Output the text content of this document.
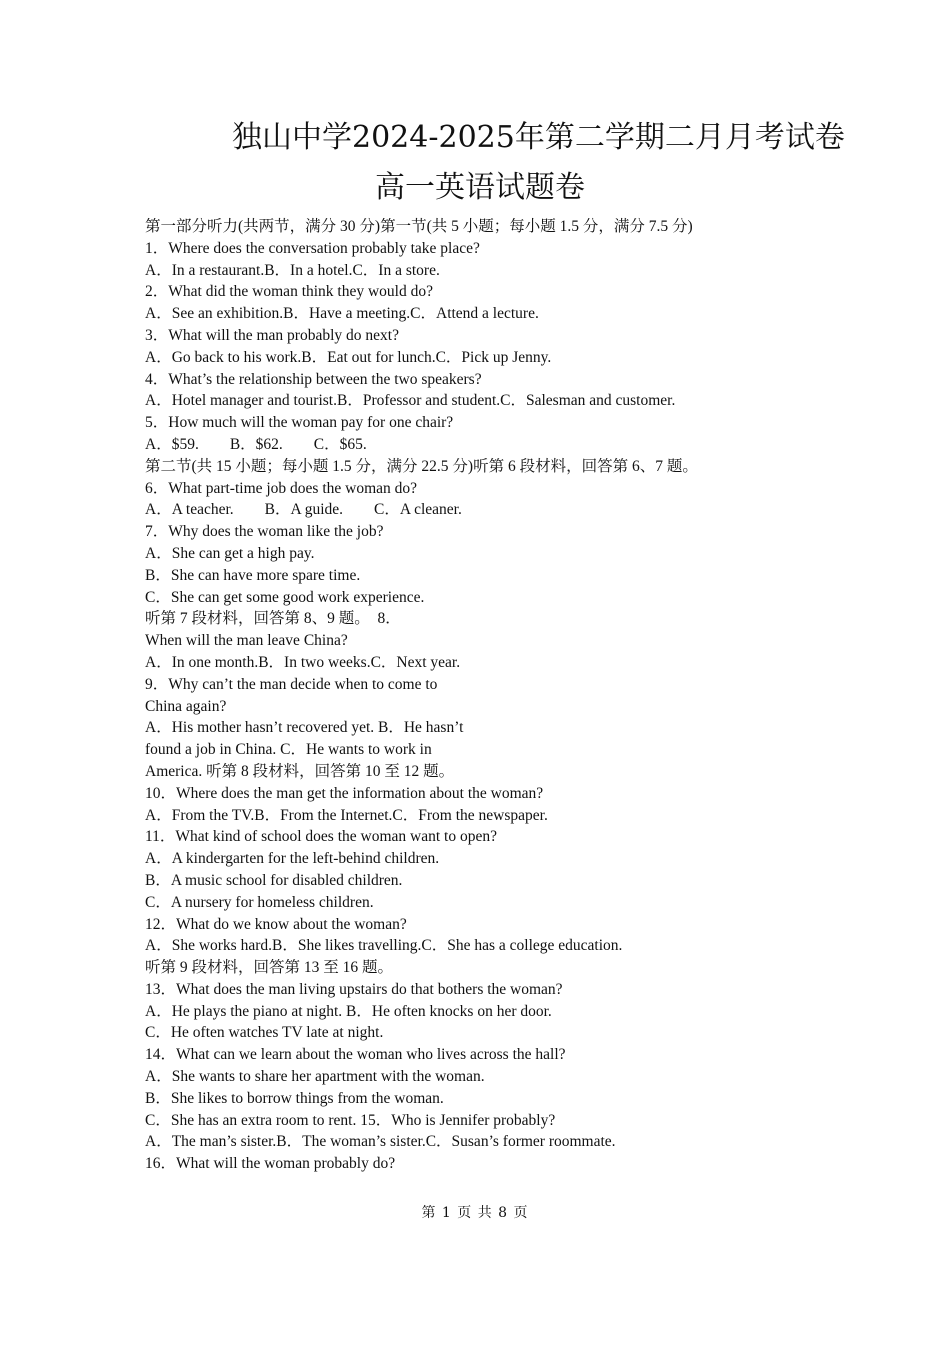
独山中学2024-2025年第二学期二月月考试卷
高一英语试题卷
第一部分听力(共两节，满分 30 分)第一节(共 5 小题；每小题 1.5 分，满分 7.5 分)
1．Where does the conversation probably take place?
A．In a restaurant.B．In a hotel.C．In a store.
2．What did the woman think they would do?
A．See an exhibition.B．Have a meeting.C．Attend a lecture.
3．What will the man probably do next?
A．Go back to his work.B．Eat out for lunch.C．Pick up Jenny.
4．What’s the relationship between the two speakers?
A．Hotel manager and tourist.B．Professor and student.C．Salesman and customer.
5．How much will the woman pay for one chair?
A．$59.        B．$62.        C．$65.
第二节(共 15 小题；每小题 1.5 分，满分 22.5 分)听第 6 段材料，回答第 6、7 题。
6．What part-time job does the woman do?
A．A teacher.        B．A guide.        C．A cleaner.
7．Why does the woman like the job?
A．She can get a high pay.
B．She can have more spare time.
C．She can get some good work experience.
听第 7 段材料，回答第 8、9 题。  8．
When will the man leave China?
A．In one month.B．In two weeks.C．Next year.
9．Why can’t the man decide when to come to
China again?
A．His mother hasn’t recovered yet. B．He hasn’t
found a job in China. C．He wants to work in
America. 听第 8 段材料，回答第 10 至 12 题。
10．Where does the man get the information about the woman?
A．From the TV.B．From the Internet.C．From the newspaper.
11．What kind of school does the woman want to open?
A．A kindergarten for the left-behind children.
B．A music school for disabled children.
C．A nursery for homeless children.
12．What do we know about the woman?
A．She works hard.B．She likes travelling.C．She has a college education.
听第 9 段材料，回答第 13 至 16 题。
13．What does the man living upstairs do that bothers the woman?
A．He plays the piano at night. B．He often knocks on her door.
C．He often watches TV late at night.
14．What can we learn about the woman who lives across the hall?
A．She wants to share her apartment with the woman.
B．She likes to borrow things from the woman.
C．She has an extra room to rent. 15．Who is Jennifer probably?
A．The man’s sister.B．The woman’s sister.C．Susan’s former roommate.
16．What will the woman probably do?
第 1 页 共 8 页
